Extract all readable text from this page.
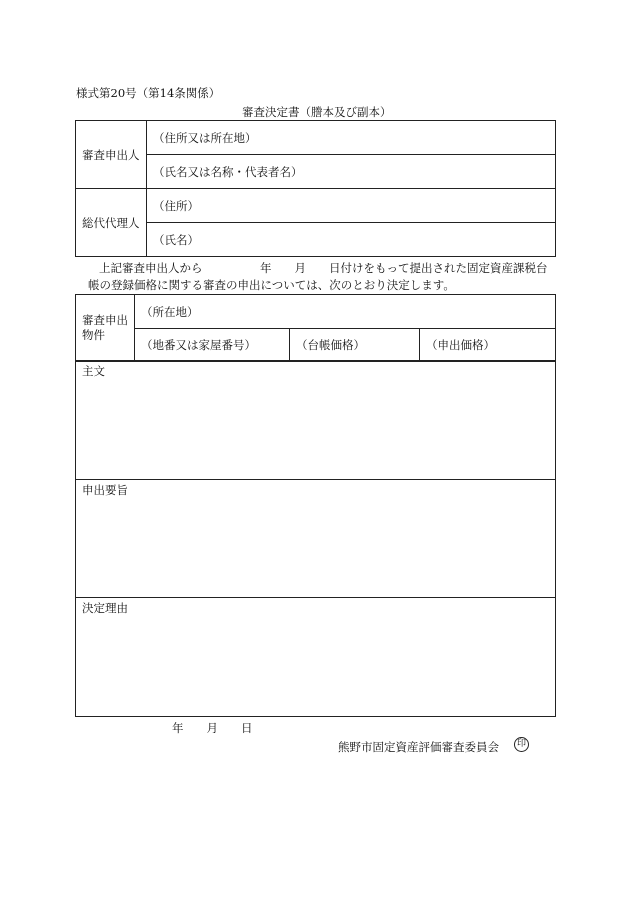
様式第20号（第14条関係）
審査決定書（謄本及び副本）
審査申出人	（住所又は所在地）
	（氏名又は名称・代表者名）
総代代理人	（住所）
	（氏名）
上記審査申出人から　　　　　年　　月　　日付けをもって提出された固定資産課税台
帳の登録価格に関する審査の申出については、次のとおり決定します。
審査申出
物件	（所在地）		
	（地番又は家屋番号）	（台帳価格）	（申出価格）
主文
申出要旨
決定理由
年　　月　　日
熊野市固定資産評価審査委員会	印
